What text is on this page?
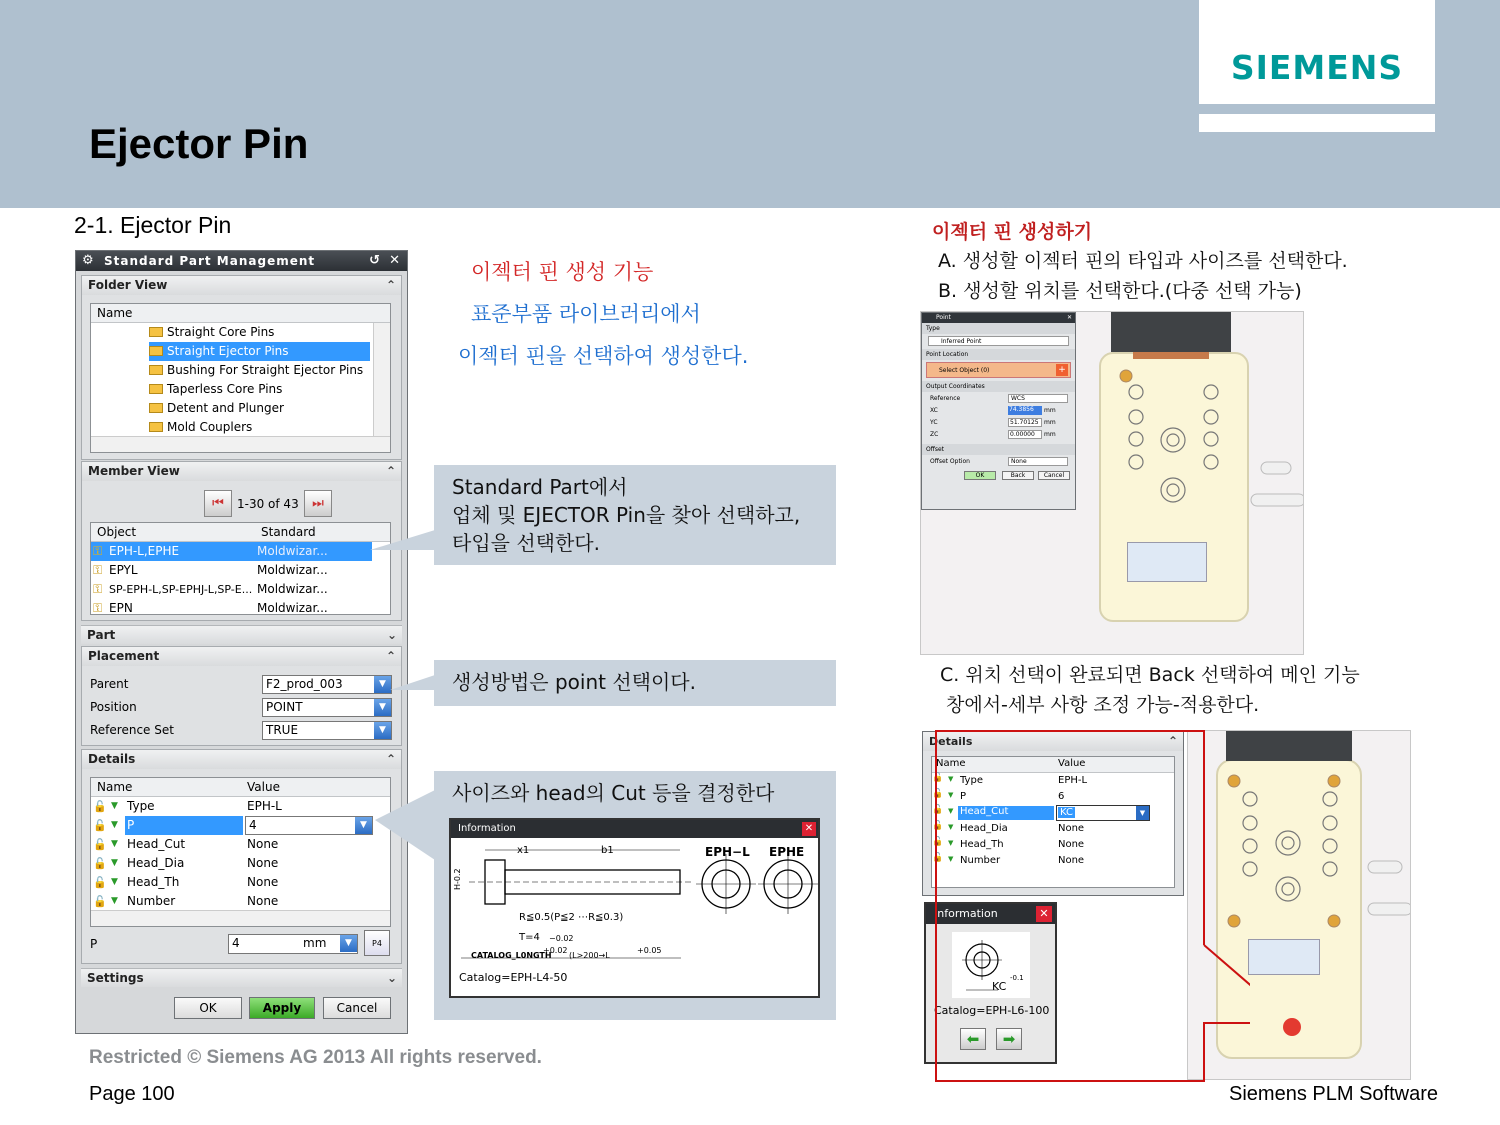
SIEMENS
Ejector Pin
2-1. Ejector Pin
⚙ Standard Part Management	↺ ✕
Folder View	⌃
Name
Straight Core Pins
Straight Ejector Pins
Bushing For Straight Ejector Pins
Taperless Core Pins
Detent and Plunger
Mold Couplers
Member View	⌃
⏮	1-30 of 43	⏭
Object	Standard
⚿ EPH-L,EPHE	Moldwizar...
⚿ EPYL	Moldwizar...
⚿ SP-EPH-L,SP-EPHJ-L,SP-E... Moldwizar...
⚿ EPN	Moldwizar...
Part	⌄
Placement	⌃
Parent	F2_prod_003	▼
Position	POINT	▼
Reference Set	TRUE	▼
Details	⌃
Name	Value
🔓 ▼ Type	EPH-L
🔓 ▼ P	4	▼
🔓 ▼ Head_Cut	None
🔓 ▼ Head_Dia	None
🔓 ▼ Head_Th	None
🔓 ▼ Number	None
P	4	mm	▼	P4
Settings	⌄
OK	Apply	Cancel
이젝터 핀 생성 기능
표준부품 라이브러리에서
이젝터 핀을 선택하여 생성한다.
Standard Part에서
업체 및 EJECTOR Pin을 찾아 선택하고,
타입을 선택한다.
생성방법은 point 선택이다.
사이즈와 head의 Cut 등을 결정한다
Information	✕
x1	b1	EPH−L EPHE
H-0.2
R≦0.5(P≦2 ⋯R≦0.3)
T=4 −0.02
CATALOG_L0NGTH
+0.02
(L>200→L
+0.05
Catalog=EPH-L4-50
이젝터 핀 생성하기
A. 생성할 이젝터 핀의 타입과 사이즈를 선택한다.
B. 생성할 위치를 선택한다.(다중 선택 가능)
Point	✕
Type
Inferred Point
Point Location
Select Object (0)	+
Output Coordinates
Reference	WCS
XC	74.3856	mm
YC	51.70125 mm
ZC	0.00000	mm
Offset
Offset Option	None
OK	Back	Cancel
C. 위치 선택이 완료되면 Back 선택하여 메인 기능
창에서-세부 사항 조정 가능-적용한다.
Details	⌃
Name	Value
🔓 ▼ Type	EPH-L
🔓 ▼ P	6
🔓 ▼ Head_Cut	KC	▼
🔓 ▼ Head_Dia	None
🔓 ▼ Head_Th	None
🔓 ▼ Number	None
Information	✕
KC
-0.1
Catalog=EPH-L6-100
⬅	➡
Restricted © Siemens AG 2013 All rights reserved.
Page 100	Siemens PLM Software
